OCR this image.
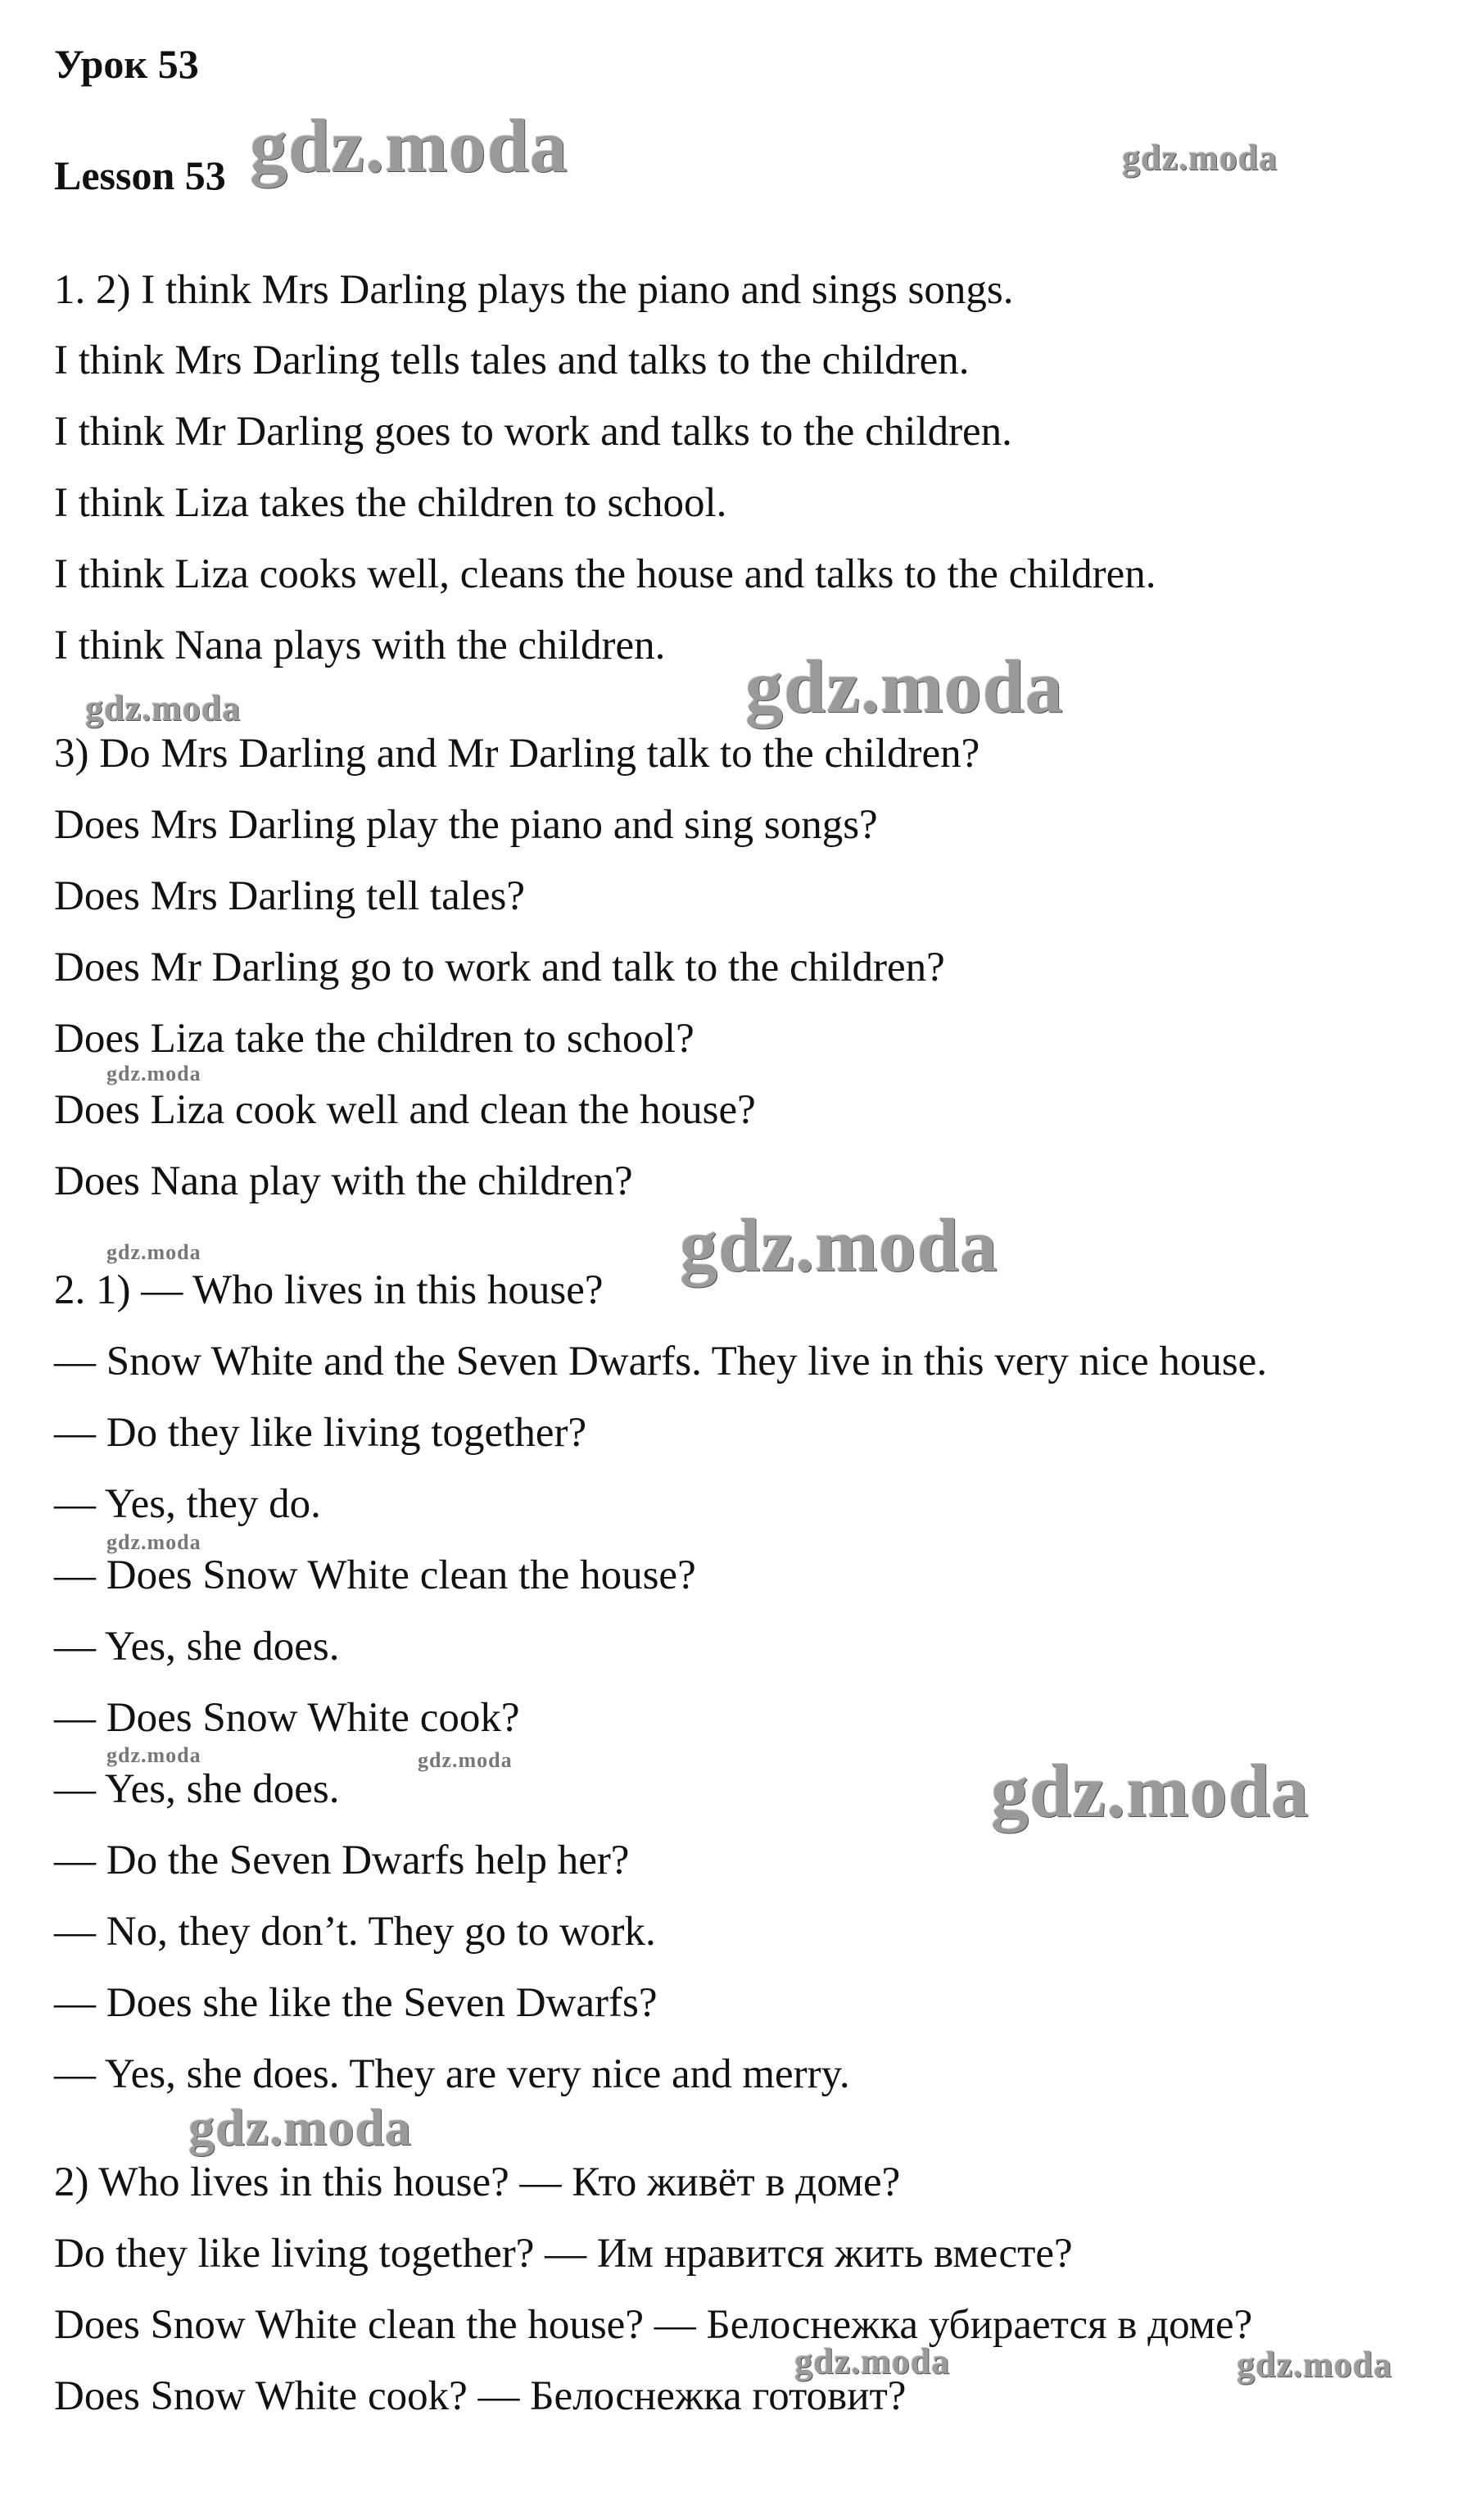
Урок 53
Lesson 53
1. 2) I think Mrs Darling plays the piano and sings songs.
I think Mrs Darling tells tales and talks to the children.
I think Mr Darling goes to work and talks to the children.
I think Liza takes the children to school.
I think Liza cooks well, cleans the house and talks to the children.
I think Nana plays with the children.
3) Do Mrs Darling and Mr Darling talk to the children?
Does Mrs Darling play the piano and sing songs?
Does Mrs Darling tell tales?
Does Mr Darling go to work and talk to the children?
Does Liza take the children to school?
Does Liza cook well and clean the house?
Does Nana play with the children?
2. 1) — Who lives in this house?
— Snow White and the Seven Dwarfs. They live in this very nice house.
— Do they like living together?
— Yes, they do.
— Does Snow White clean the house?
— Yes, she does.
— Does Snow White cook?
— Yes, she does.
— Do the Seven Dwarfs help her?
— No, they don’t. They go to work.
— Does she like the Seven Dwarfs?
— Yes, she does. They are very nice and merry.
2) Who lives in this house? — Кто живёт в доме?
Do they like living together? — Им нравится жить вместе?
Does Snow White clean the house? — Белоснежка убирается в доме?
Does Snow White cook? — Белоснежка готовит?
gdz.moda	gdz.moda
gdz.moda
gdz.moda
gdz.moda
gdz.moda	gdz.moda
gdz.moda
gdz.moda	gdz.moda	gdz.moda
gdz.moda
gdz.moda	gdz.moda
